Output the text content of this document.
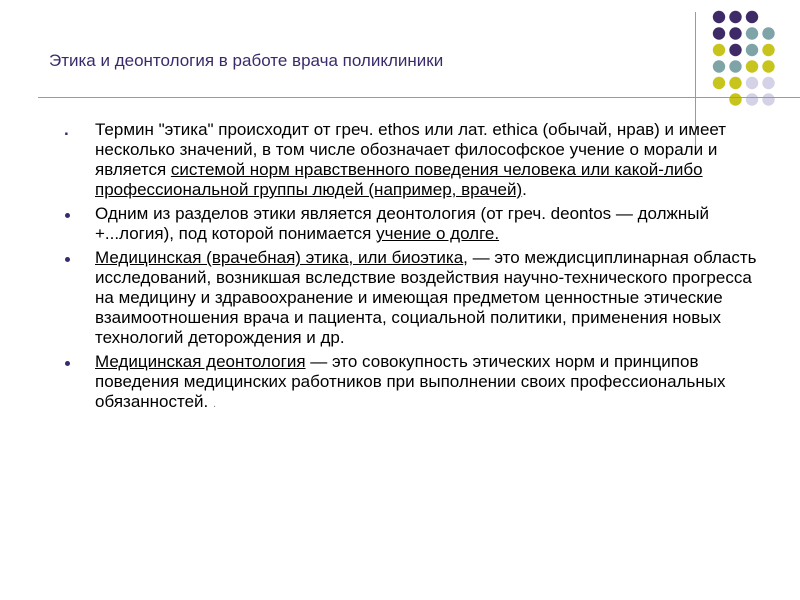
Этика и деонтология в работе врача поликлиники
.	Термин "этика" происходит от греч. ethos или лат. ethica (обычай, нрав) и имеет несколько значений, в том числе обозначает философское учение о морали и является системой норм нравственного поведения человека или какой-либо профессиональной группы людей (например, врачей).
Одним из разделов этики является деонтология (от греч. deontos — должный +...логия), под которой понимается учение о долге.
Медицинская (врачебная) этика, или биоэтика, — это междисциплинарная область исследований, возникшая вследствие воздействия научно-технического прогресса на медицину и здравоохранение и имеющая предметом ценностные этические взаимоотношения врача и пациента, социальной политики, применения новых технологий деторождения и др.
Медицинская деонтология — это совокупность этических норм и принципов поведения медицинских работников при выполнении своих профессиональных обязанностей. .
